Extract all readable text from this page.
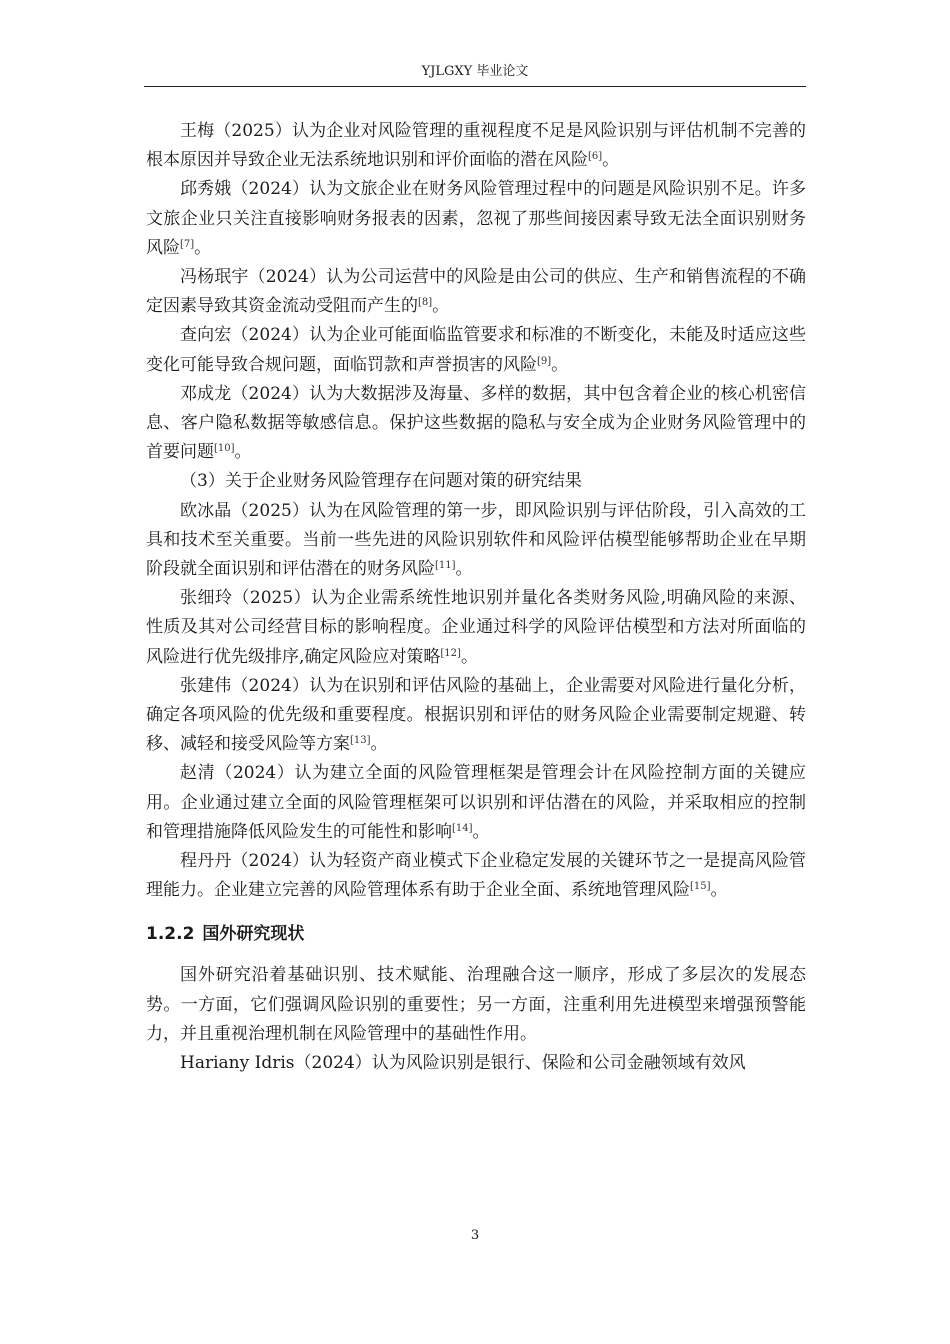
YJLGXY 毕业论文

王梅（2025）认为企业对风险管理的重视程度不足是风险识别与评估机制不完善的根本原因并导致企业无法系统地识别和评价面临的潜在风险[6]。

邱秀娥（2024）认为文旅企业在财务风险管理过程中的问题是风险识别不足。许多文旅企业只关注直接影响财务报表的因素，忽视了那些间接因素导致无法全面识别财务风险[7]。

冯杨珉宇（2024）认为公司运营中的风险是由公司的供应、生产和销售流程的不确定因素导致其资金流动受阻而产生的[8]。

查向宏（2024）认为企业可能面临监管要求和标准的不断变化，未能及时适应这些变化可能导致合规问题，面临罚款和声誉损害的风险[9]。

邓成龙（2024）认为大数据涉及海量、多样的数据，其中包含着企业的核心机密信息、客户隐私数据等敏感信息。保护这些数据的隐私与安全成为企业财务风险管理中的首要问题[10]。

（3）关于企业财务风险管理存在问题对策的研究结果

欧冰晶（2025）认为在风险管理的第一步，即风险识别与评估阶段，引入高效的工具和技术至关重要。当前一些先进的风险识别软件和风险评估模型能够帮助企业在早期阶段就全面识别和评估潜在的财务风险[11]。

张细玲（2025）认为企业需系统性地识别并量化各类财务风险,明确风险的来源、性质及其对公司经营目标的影响程度。企业通过科学的风险评估模型和方法对所面临的风险进行优先级排序,确定风险应对策略[12]。

张建伟（2024）认为在识别和评估风险的基础上，企业需要对风险进行量化分析，确定各项风险的优先级和重要程度。根据识别和评估的财务风险企业需要制定规避、转移、减轻和接受风险等方案[13]。

赵清（2024）认为建立全面的风险管理框架是管理会计在风险控制方面的关键应用。企业通过建立全面的风险管理框架可以识别和评估潜在的风险，并采取相应的控制和管理措施降低风险发生的可能性和影响[14]。

程丹丹（2024）认为轻资产商业模式下企业稳定发展的关键环节之一是提高风险管理能力。企业建立完善的风险管理体系有助于企业全面、系统地管理风险[15]。

1.2.2 国外研究现状

国外研究沿着基础识别、技术赋能、治理融合这一顺序，形成了多层次的发展态势。一方面，它们强调风险识别的重要性；另一方面，注重利用先进模型来增强预警能力，并且重视治理机制在风险管理中的基础性作用。

Hariany Idris（2024）认为风险识别是银行、保险和公司金融领域有效风

3
